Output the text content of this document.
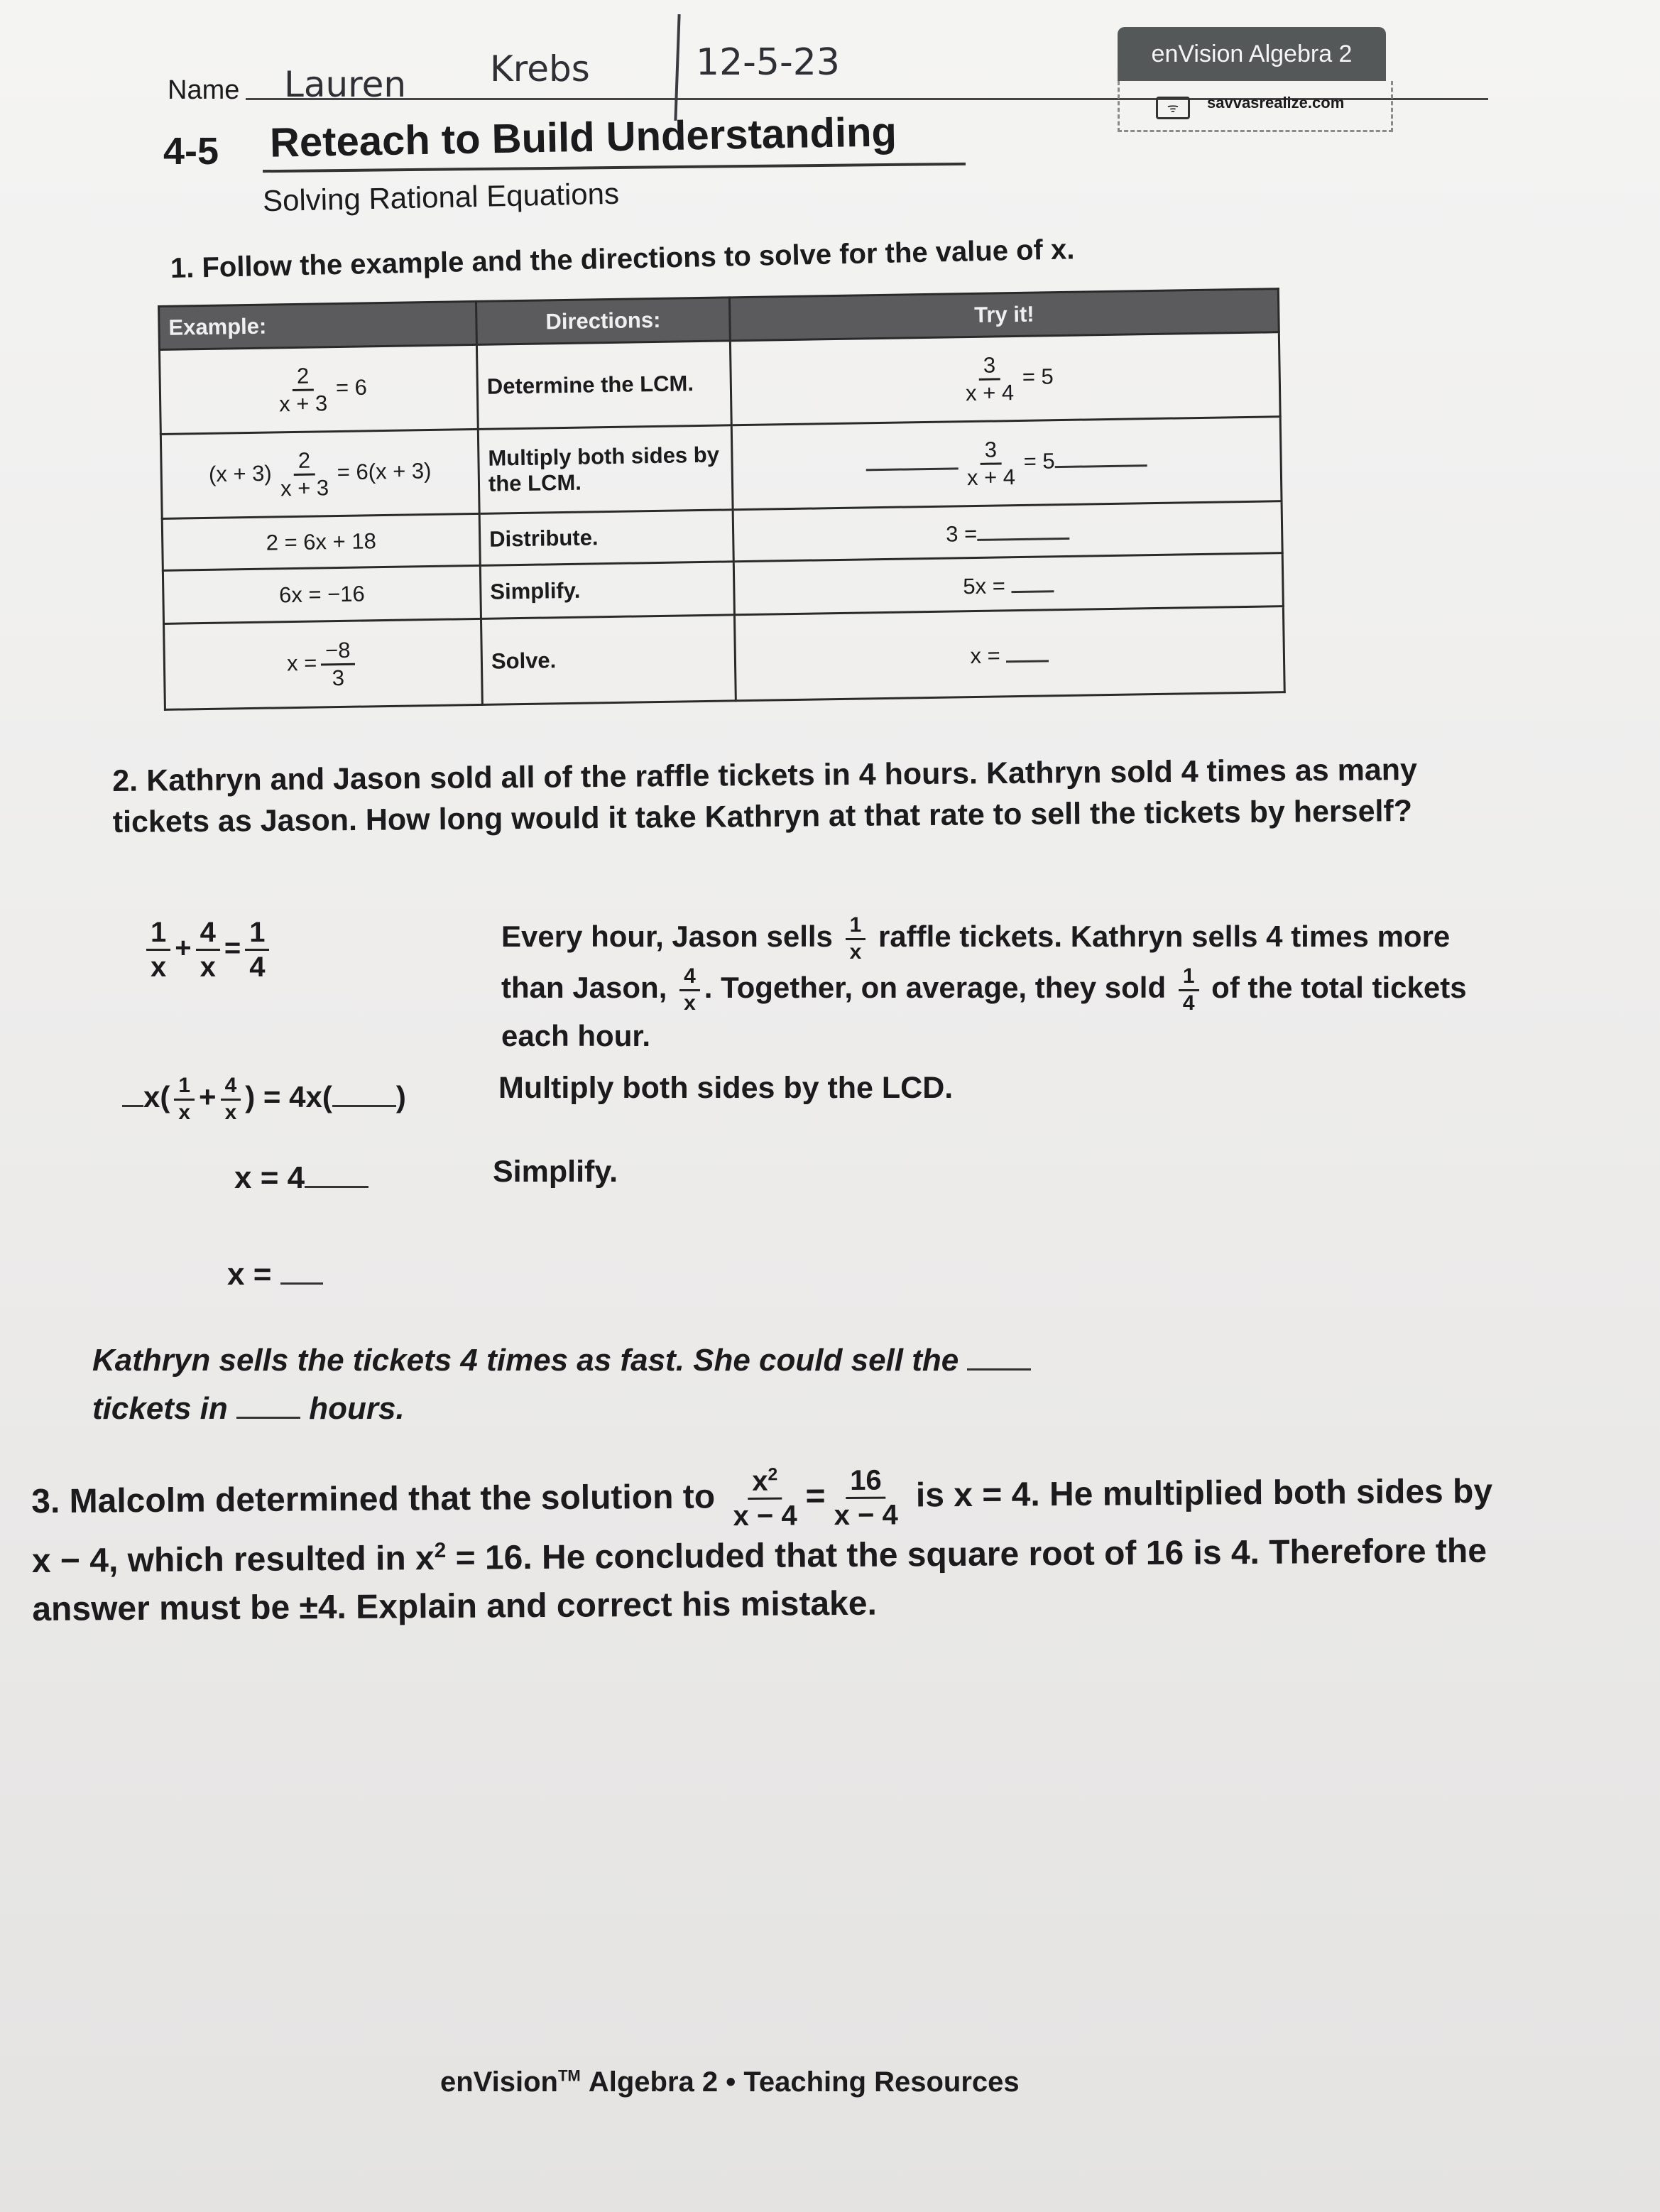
Name Lauren Krebs	12-5-23	enVision Algebra 2
ᯤ	savvasrealize.com
4-5 Reteach to Build Understanding
Solving Rational Equations
1. Follow the example and the directions to solve for the value of x.
Example:	Directions:	Try it!

$\frac{2}{x + 3} = 6$	Determine the LCM.	$\frac{3}{x + 4} = 5$
$(x + 3) \frac{2}{x + 3} = 6(x + 3)$	Multiply both sides by the LCM.	$\frac{3}{x + 4} = 5$
2 = 6x + 18	Distribute.	3 =
6x = −16	Simplify.	5x =
$x = \frac{-8}{3}$	Solve.	x =
2. Kathryn and Jason sold all of the raffle tickets in 4 hours. Kathryn sold 4 times as many tickets as Jason. How long would it take Kathryn at that rate to sell the tickets by herself?
$\frac{1}{x} + \frac{4}{x} = \frac{1}{4}$	Every hour, Jason sells $\frac{1}{x}$ raffle tickets. Kathryn sells 4 times more than Jason, $\frac{4}{x}$ . Together, on average, they sold $\frac{1}{4}$ of the total tickets each hour.
$x( \frac{1}{x} + \frac{4}{x}$ ) = 4x( )	Multiply both sides by the LCD.
x = 4	Simplify.
x =
Kathryn sells the tickets 4 times as fast. She could sell the
tickets in	hours.
3. Malcolm determined that the solution to $\frac{x^2}{x - 4} = \frac{16}{x - 4}$ is x = 4. He multiplied both sides by x − 4, which resulted in $x^2 = 16$. He concluded that the square root of 16 is 4. Therefore the answer must be ±4. Explain and correct his mistake.
enVision™ Algebra 2 • Teaching Resources
